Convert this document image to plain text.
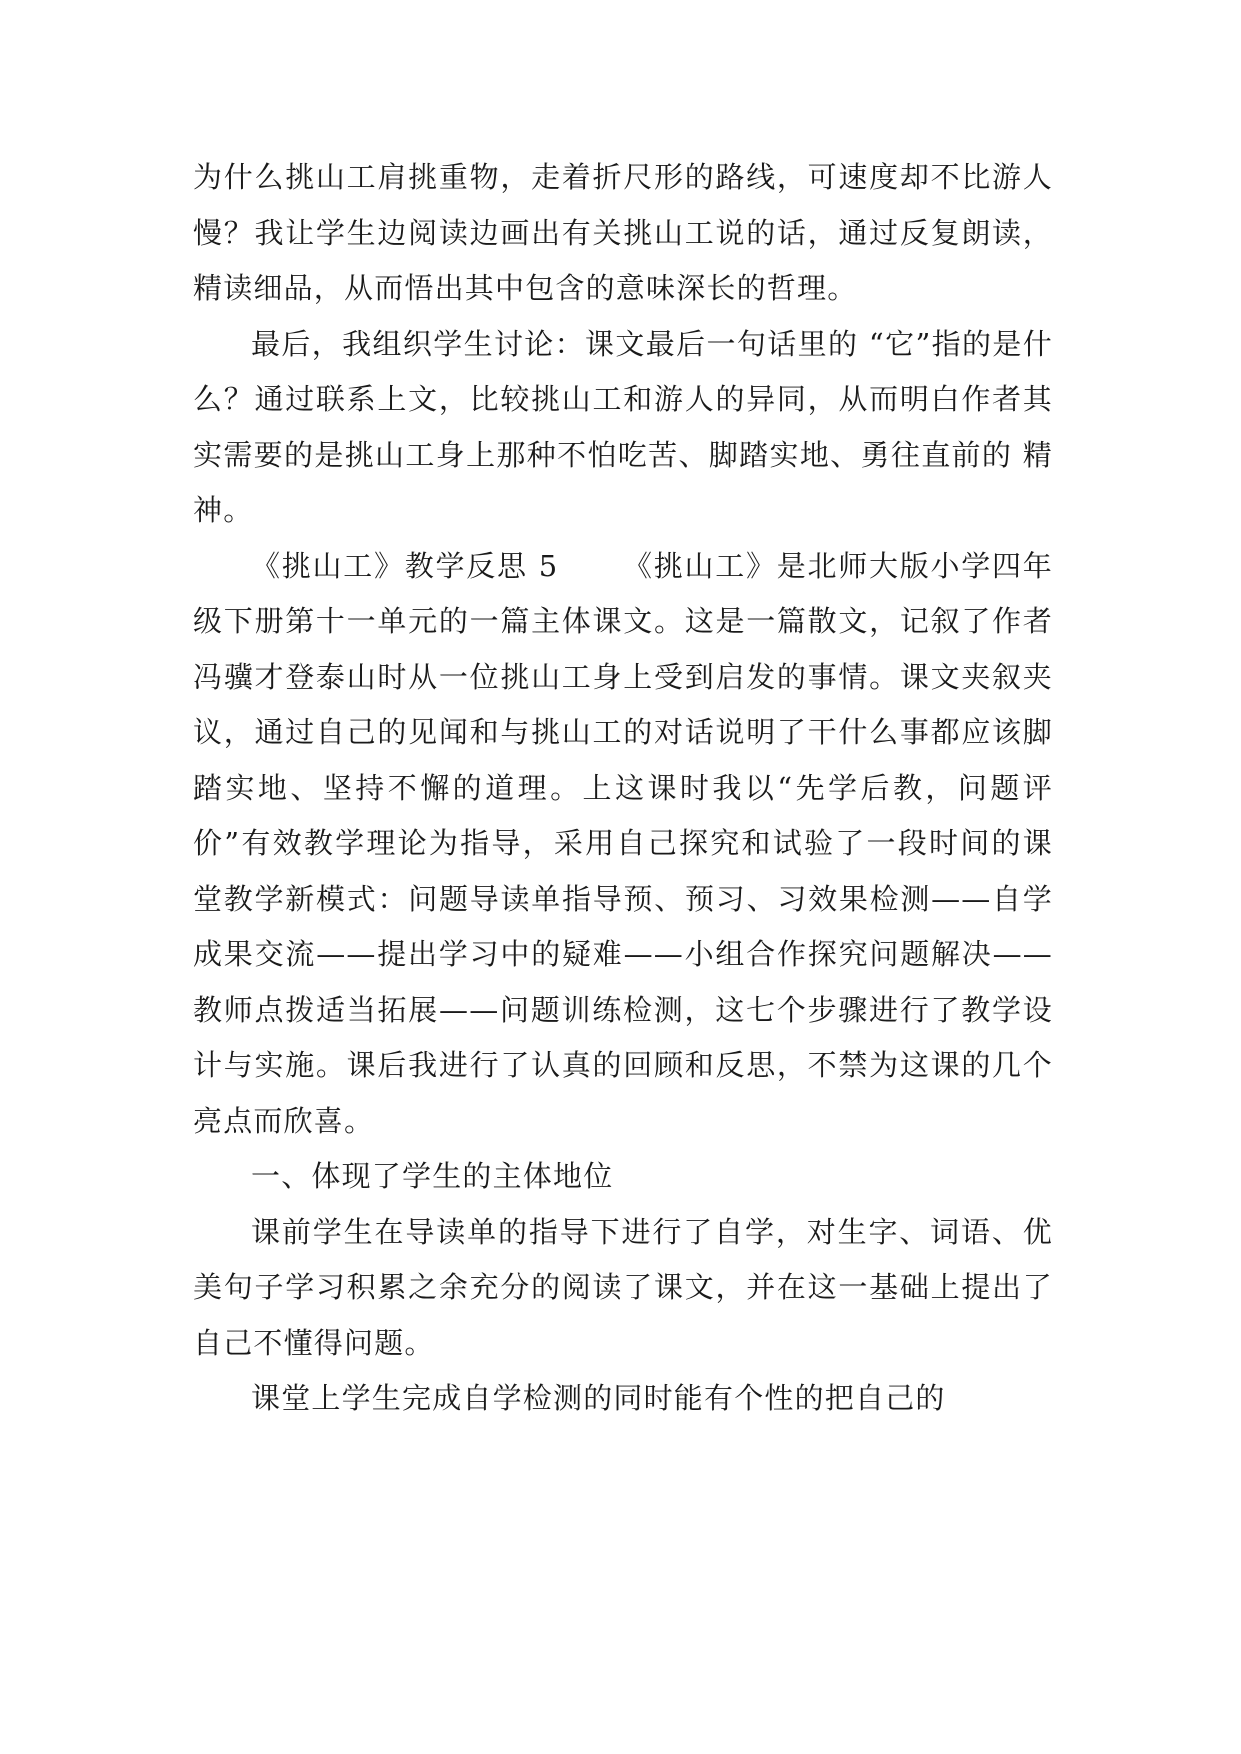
为什么挑山工肩挑重物，走着折尺形的路线，可速度却不比游人慢？我让学生边阅读边画出有关挑山工说的话，通过反复朗读，精读细品，从而悟出其中包含的意味深长的哲理。

最后，我组织学生讨论：课文最后一句话里的 “它”指的是什么？通过联系上文，比较挑山工和游人的异同，从而明白作者其实需要的是挑山工身上那种不怕吃苦、脚踏实地、勇往直前的 精神。

《挑山工》教学反思 5 《挑山工》是北师大版小学四年级下册第十一单元的一篇主体课文。这是一篇散文，记叙了作者冯骥才登泰山时从一位挑山工身上受到启发的事情。课文夹叙夹议，通过自己的见闻和与挑山工的对话说明了干什么事都应该脚踏实地、坚持不懈的道理。上这课时我以“先学后教，问题评价”有效教学理论为指导，采用自己探究和试验了一段时间的课堂教学新模式：问题导读单指导预、预习、习效果检测——自学成果交流——提出学习中的疑难——小组合作探究问题解决——教师点拨适当拓展——问题训练检测，这七个步骤进行了教学设计与实施。课后我进行了认真的回顾和反思，不禁为这课的几个亮点而欣喜。

一、体现了学生的主体地位

课前学生在导读单的指导下进行了自学，对生字、词语、优美句子学习积累之余充分的阅读了课文，并在这一基础上提出了自己不懂得问题。

课堂上学生完成自学检测的同时能有个性的把自己的
